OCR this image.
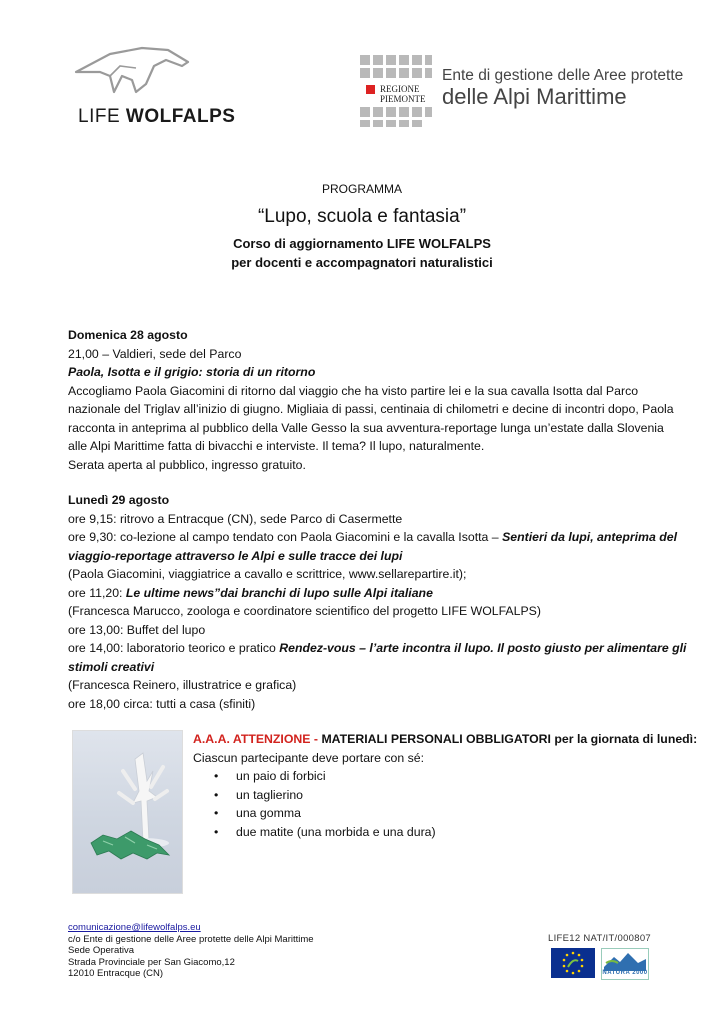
LIFE WOLFALPS
REGIONE
PIEMONTE
Ente di gestione delle Aree protette
delle Alpi Marittime
PROGRAMMA
“Lupo, scuola e fantasia”
Corso di aggiornamento LIFE WOLFALPS
per docenti e accompagnatori naturalistici

Domenica 28 agosto

21,00 – Valdieri, sede del Parco

Paola, Isotta e il grigio: storia di un ritorno

Accogliamo Paola Giacomini di ritorno dal viaggio che ha visto partire lei e la sua cavalla Isotta dal Parco

nazionale del Triglav all’inizio di giugno. Migliaia di passi, centinaia di chilometri e decine di incontri dopo, Paola

racconta in anteprima al pubblico della Valle Gesso la sua avventura-reportage lunga un’estate dalla Slovenia

alle Alpi Marittime fatta di bivacchi e interviste. Il tema? Il lupo, naturalmente.

Serata aperta al pubblico, ingresso gratuito.

Lunedì 29 agosto

ore 9,15: ritrovo a Entracque (CN), sede Parco di Casermette

ore 9,30: co-lezione al campo tendato con Paola Giacomini e la cavalla Isotta – Sentieri da lupi, anteprima del

viaggio-reportage attraverso le Alpi e sulle tracce dei lupi

(Paola Giacomini, viaggiatrice a cavallo e scrittrice, www.sellarepartire.it);

ore 11,20: Le ultime news”dai branchi di lupo sulle Alpi italiane

(Francesca Marucco, zoologa e coordinatore scientifico del progetto LIFE WOLFALPS)

ore 13,00: Buffet del lupo

ore 14,00: laboratorio teorico e pratico Rendez-vous – l’arte incontra il lupo. Il posto giusto per alimentare gli

stimoli creativi

(Francesca Reinero, illustratrice e grafica)

ore 18,00 circa: tutti a casa (sfiniti)

A.A.A. ATTENZIONE - MATERIALI PERSONALI OBBLIGATORI per la giornata di lunedì:

Ciascun partecipante deve portare con sé:

• un paio di forbici
• un taglierino
• una gomma
• due matite (una morbida e una dura)

comunicazione@lifewolfalps.eu

c/o Ente di gestione delle Aree protette delle Alpi Marittime

Sede Operativa

Strada Provinciale per San Giacomo,12

12010 Entracque (CN)

LIFE12 NAT/IT/000807
NATURA 2000
